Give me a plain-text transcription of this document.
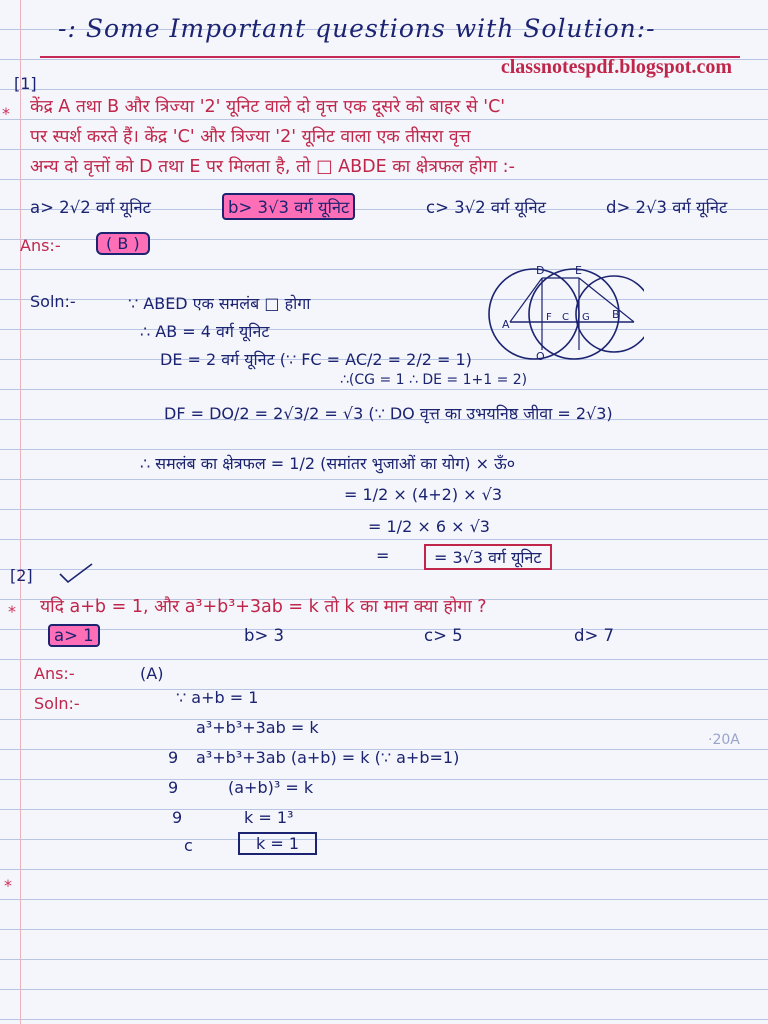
-: Some Important questions with Solution:-
classnotespdf.blogspot.com
[1]
* केंद्र A तथा B और त्रिज्या '2' यूनिट वाले दो वृत्त एक दूसरे को बाहर से 'C'
पर स्पर्श करते हैं। केंद्र 'C' और त्रिज्या '2' यूनिट वाला एक तीसरा वृत्त
अन्य दो वृत्तों को D तथा E पर मिलता है, तो □ ABDE का क्षेत्रफल होगा :-
a> 2√2 वर्ग यूनिट	b> 3√3 वर्ग यूनिट	c> 3√2 वर्ग यूनिट	d> 2√3 वर्ग यूनिट
Ans:-	( B )
Soln:-	∵ ABED एक समलंब □ होगा
∴ AB = 4 वर्ग यूनिट
DE = 2 वर्ग यूनिट (∵ FC = AC/2 = 2/2 = 1)
∴(CG = 1 ∴ DE = 1+1 = 2)
DF = DO/2 = 2√3/2 = √3 (∵ DO वृत्त का उभयनिष्ठ जीवा = 2√3)
∴ समलंब का क्षेत्रफल = 1/2 (समांतर भुजाओं का योग) × ऊँ०
= 1/2 × (4+2) × √3
= 1/2 × 6 × √3
=	= 3√3 वर्ग यूनिट
D	E
A
F C G B
O
[2]
* यदि a+b = 1, और a³+b³+3ab = k तो k का मान क्या होगा ?
a> 1	b> 3	c> 5	d> 7
Ans:-	(A)
Soln:-	∵ a+b = 1
a³+b³+3ab = k
a³+b³+3ab (a+b) = k (∵ a+b=1)
(a+b)³ = k
k = 1³
k = 1
9
9
9
c
*
·20A
